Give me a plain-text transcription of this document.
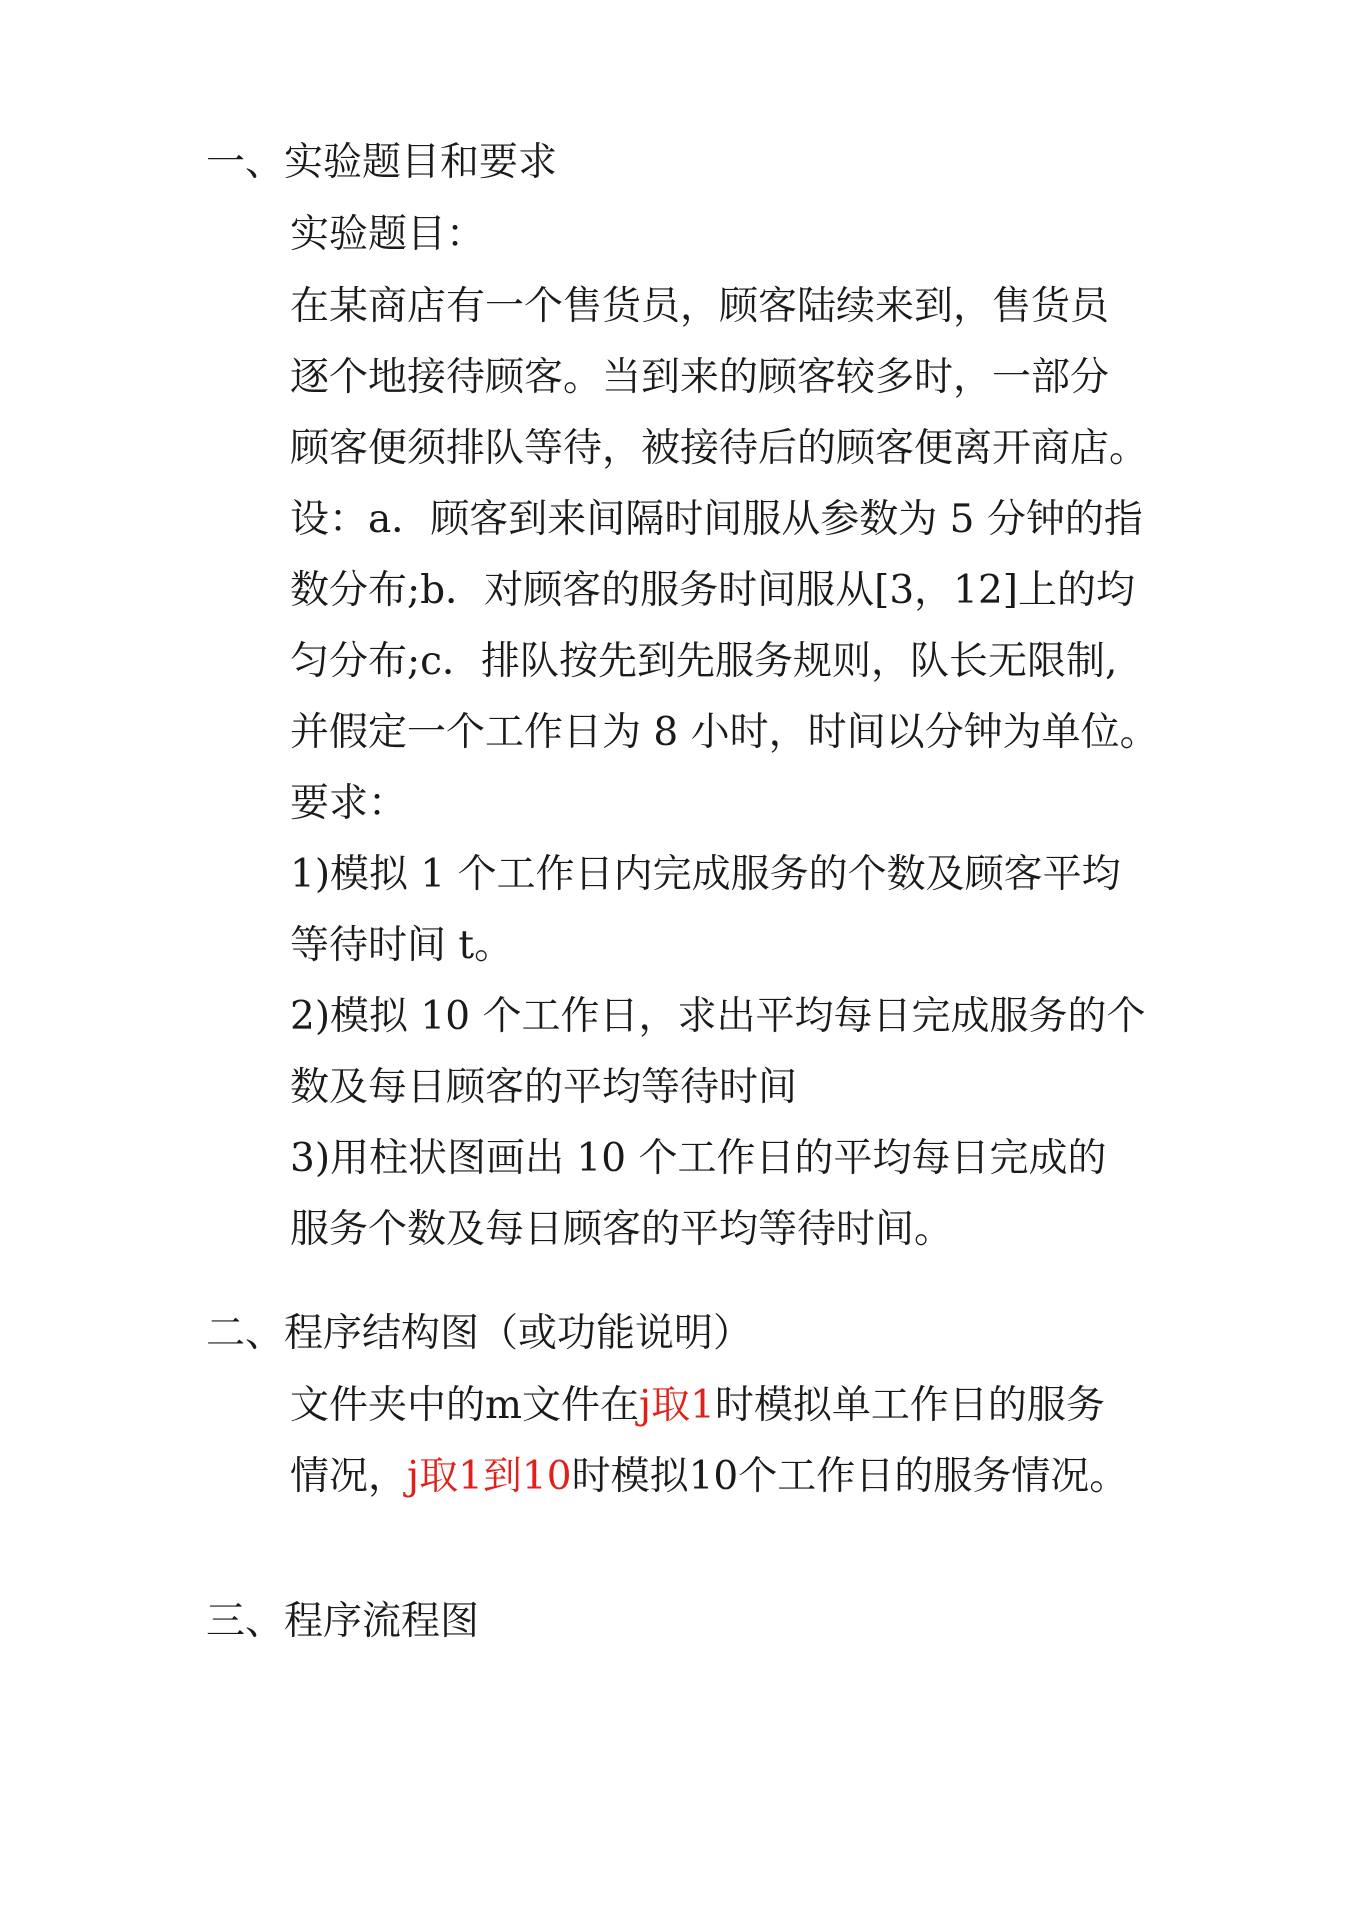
一、实验题目和要求
实验题目：
在某商店有一个售货员，顾客陆续来到，售货员
逐个地接待顾客。当到来的顾客较多时，一部分
顾客便须排队等待，被接待后的顾客便离开商店。
设：a．顾客到来间隔时间服从参数为 5 分钟的指
数分布;b．对顾客的服务时间服从[3，12]上的均
匀分布;c．排队按先到先服务规则，队长无限制,
并假定一个工作日为 8 小时，时间以分钟为单位。
要求：
1)模拟 1 个工作日内完成服务的个数及顾客平均
等待时间 t。
2)模拟 10 个工作日，求出平均每日完成服务的个
数及每日顾客的平均等待时间
3)用柱状图画出 10 个工作日的平均每日完成的
服务个数及每日顾客的平均等待时间。
二、程序结构图（或功能说明）
文件夹中的m文件在j取1时模拟单工作日的服务
情况，j取1到10时模拟10个工作日的服务情况。
三、程序流程图
